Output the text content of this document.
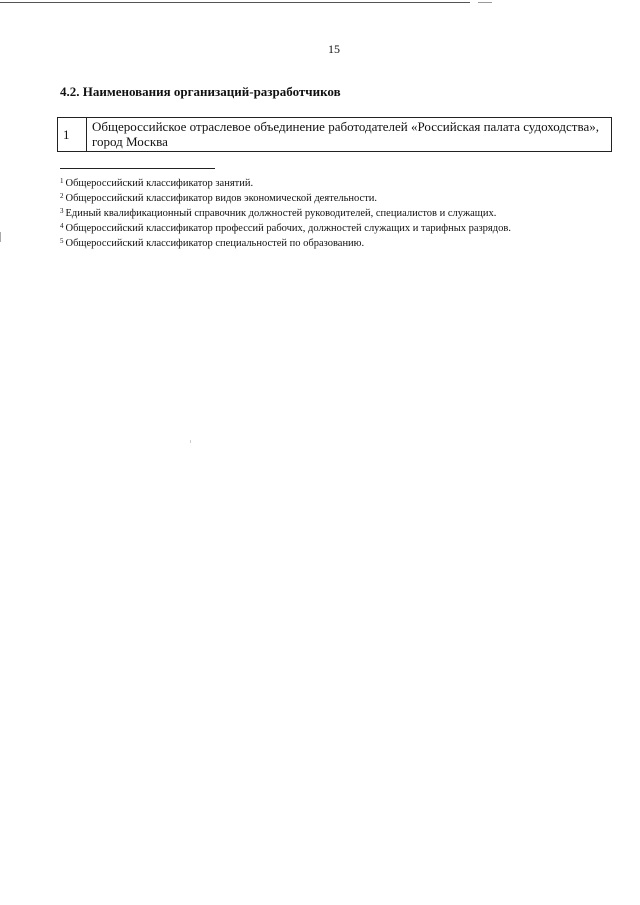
15
4.2. Наименования организаций-разработчиков
1	Общероссийское отраслевое объединение работодателей «Российская палата судоходства», город Москва
$^1$ Общероссийский классификатор занятий.
$^2$ Общероссийский классификатор видов экономической деятельности.
$^3$ Единый квалификационный справочник должностей руководителей, специалистов и служащих.
$^4$ Общероссийский классификатор профессий рабочих, должностей служащих и тарифных разрядов.
$^5$ Общероссийский классификатор специальностей по образованию.
